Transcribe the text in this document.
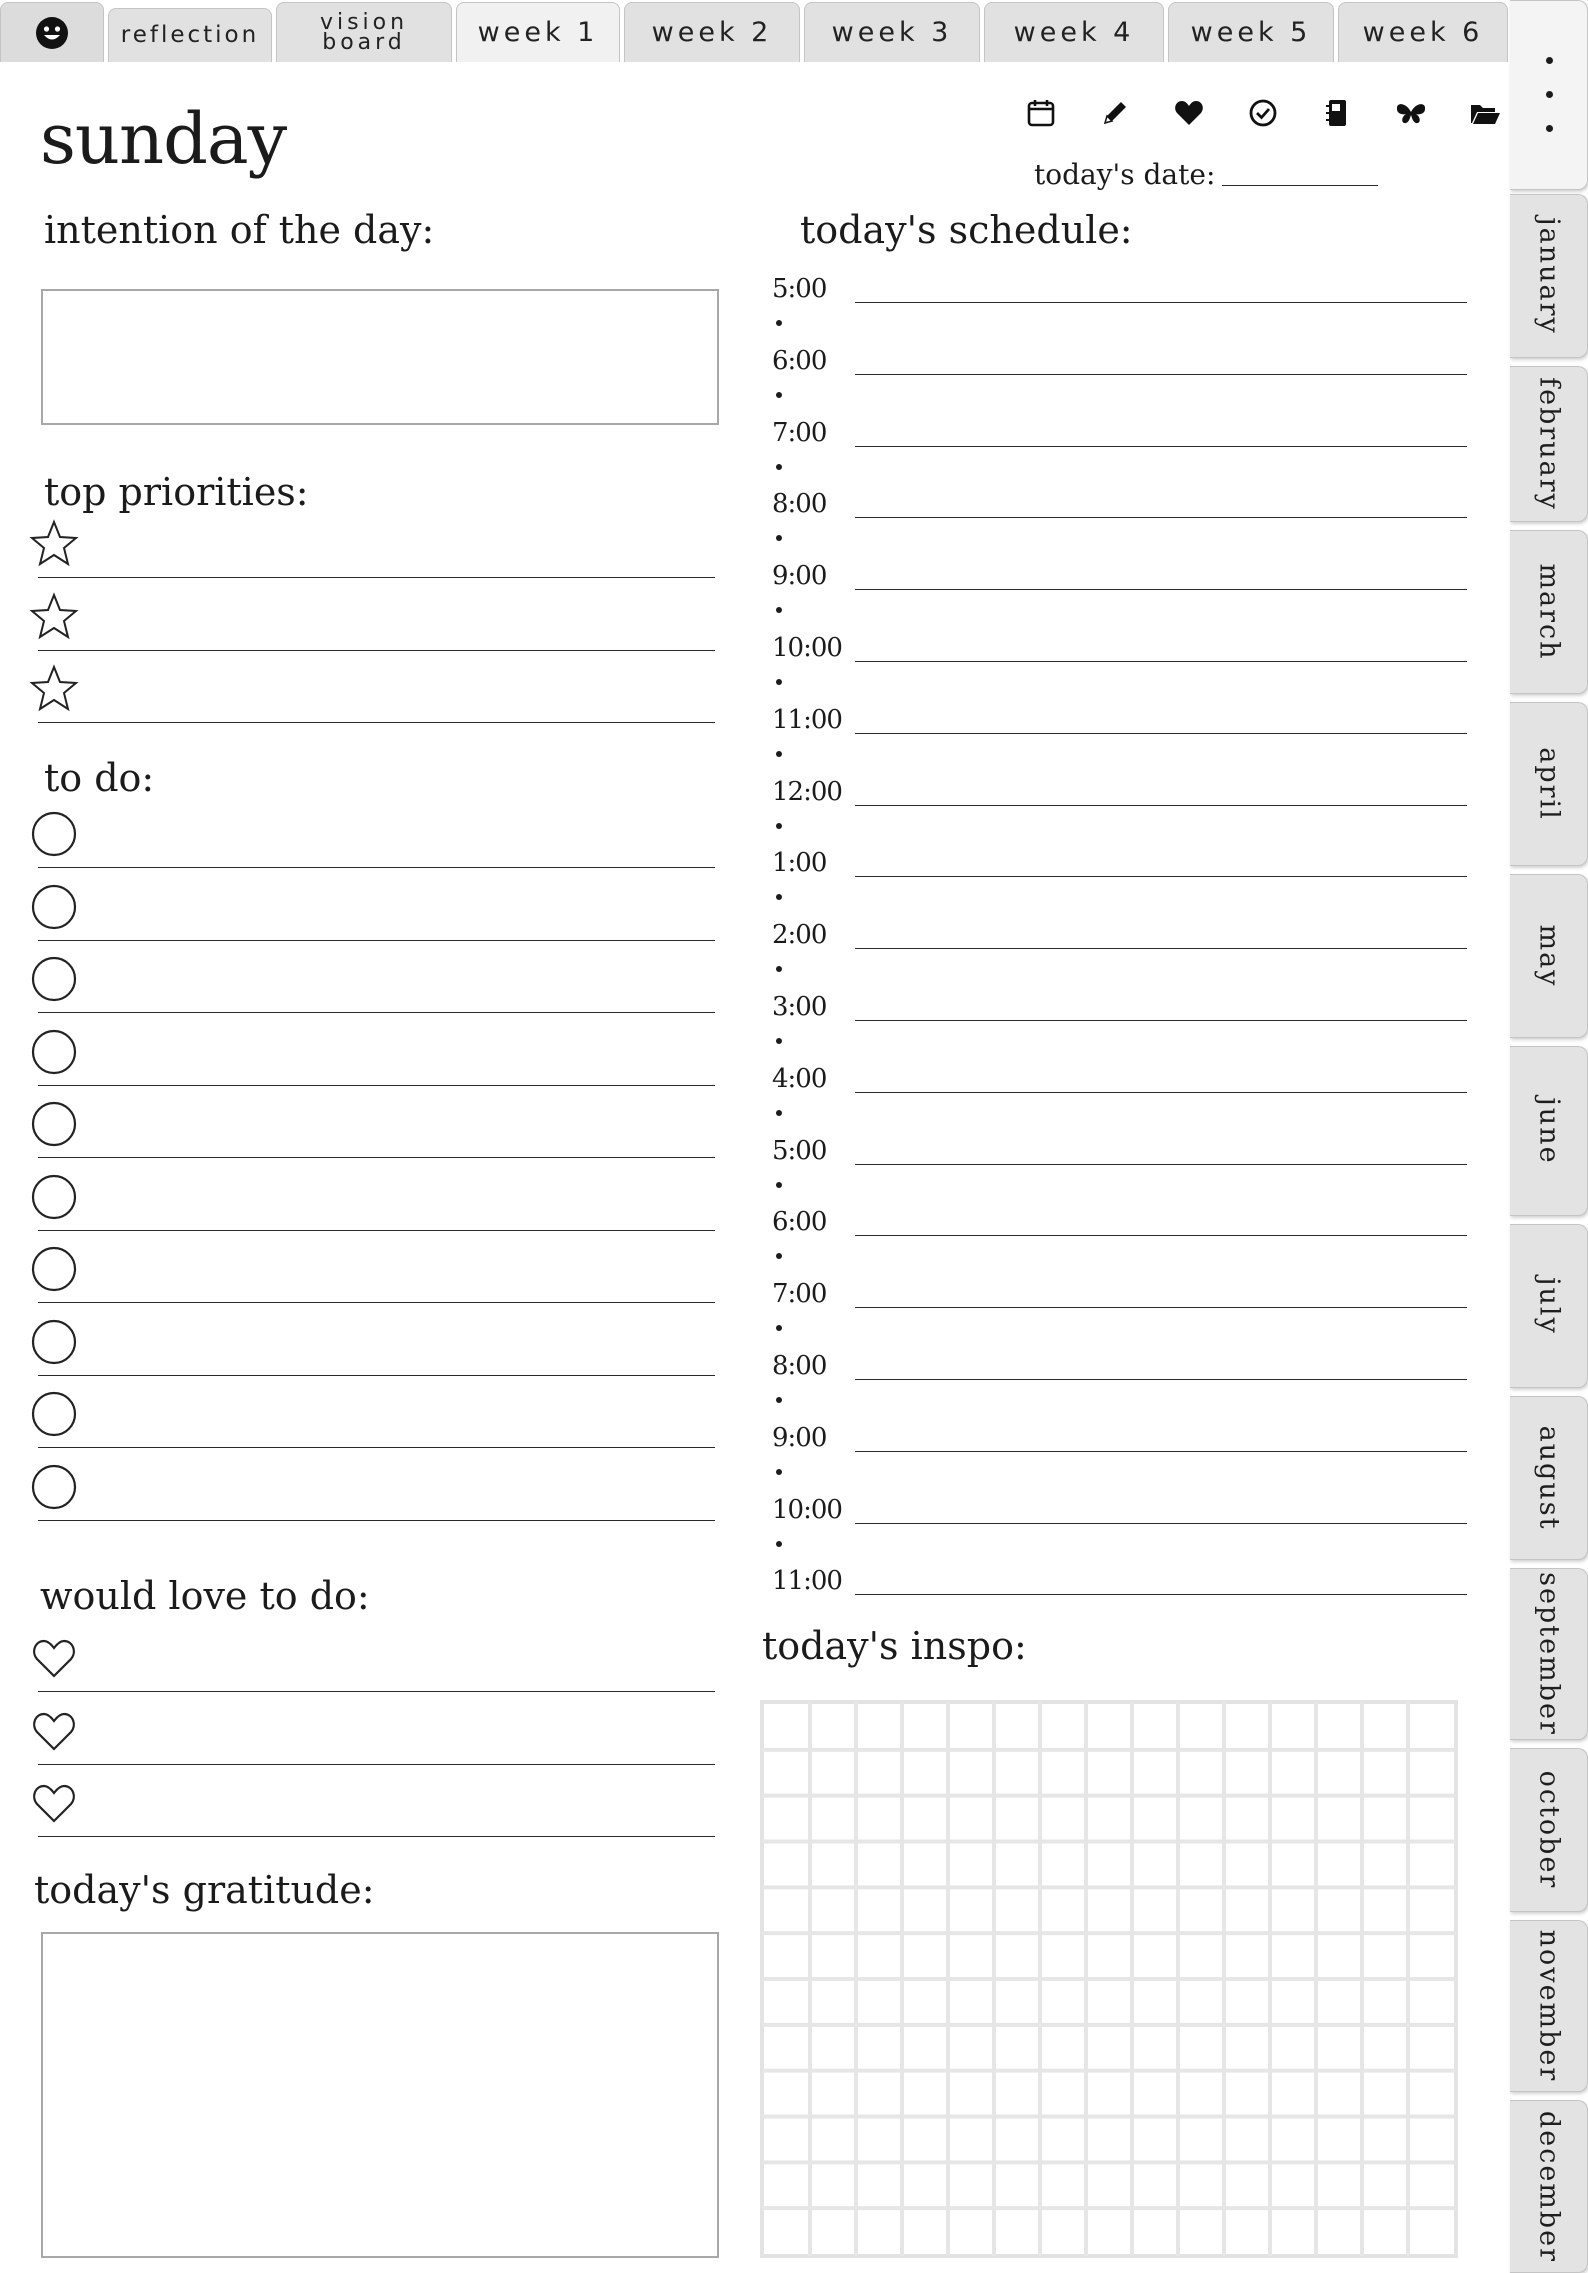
reflection	vision
board	week 1 week 2 week 3 week 4 week 5 week 6
january
february
march
april
may
june
july
august
september
october
november
december
sunday	today's date:
intention of the day:
top priorities:
to do:
would love to do:
today's gratitude:
today's schedule:
5:00
6:00
7:00
8:00
9:00
10:00
11:00
12:00
1:00
2:00
3:00
4:00
5:00
6:00
7:00
8:00
9:00
10:00
11:00
today's inspo:
